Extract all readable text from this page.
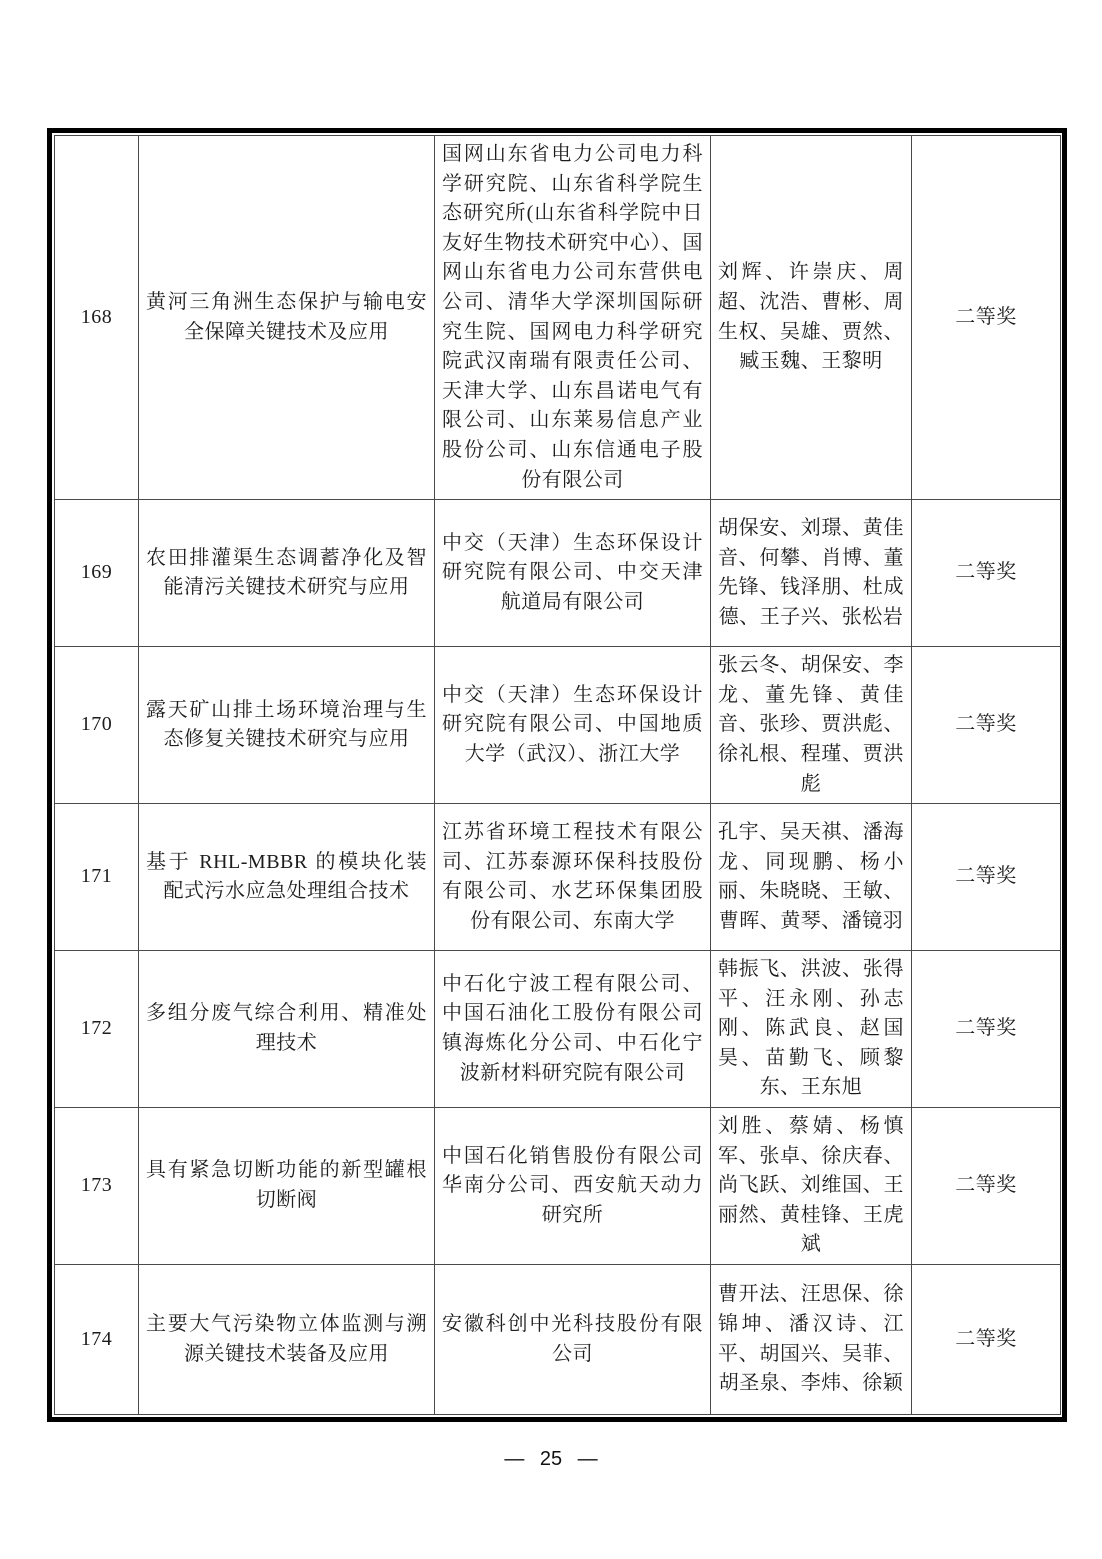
168	黄河三角洲生态保护与输电安全保障关键技术及应用	国网山东省电力公司电力科学研究院、山东省科学院生态研究所(山东省科学院中日友好生物技术研究中心）、国网山东省电力公司东营供电公司、清华大学深圳国际研究生院、国网电力科学研究院武汉南瑞有限责任公司、天津大学、山东昌诺电气有限公司、山东莱易信息产业股份公司、山东信通电子股份有限公司	刘辉、许崇庆、周超、沈浩、曹彬、周生权、吴雄、贾然、臧玉魏、王黎明	二等奖
169	农田排灌渠生态调蓄净化及智能清污关键技术研究与应用	中交（天津）生态环保设计研究院有限公司、中交天津航道局有限公司	胡保安、刘璟、黄佳音、何攀、肖博、董先锋、钱泽朋、杜成德、王子兴、张松岩	二等奖
170	露天矿山排土场环境治理与生态修复关键技术研究与应用	中交（天津）生态环保设计研究院有限公司、中国地质大学（武汉）、浙江大学	张云冬、胡保安、李龙、董先锋、黄佳音、张珍、贾洪彪、徐礼根、程瑾、贾洪彪	二等奖
171	基于 RHL-MBBR 的模块化装配式污水应急处理组合技术	江苏省环境工程技术有限公司、江苏泰源环保科技股份有限公司、水艺环保集团股份有限公司、东南大学	孔宇、吴天祺、潘海龙、同现鹏、杨小丽、朱晓晓、王敏、曹晖、黄琴、潘镜羽	二等奖
172	多组分废气综合利用、精准处理技术	中石化宁波工程有限公司、中国石油化工股份有限公司镇海炼化分公司、中石化宁波新材料研究院有限公司	韩振飞、洪波、张得平、汪永刚、孙志刚、陈武良、赵国昊、苗勤飞、顾黎东、王东旭	二等奖
173	具有紧急切断功能的新型罐根切断阀	中国石化销售股份有限公司华南分公司、西安航天动力研究所	刘胜、蔡婧、杨慎军、张卓、徐庆春、尚飞跃、刘维国、王丽然、黄桂锋、王虎斌	二等奖
174	主要大气污染物立体监测与溯源关键技术装备及应用	安徽科创中光科技股份有限公司	曹开法、汪思保、徐锦坤、潘汉诗、江平、胡国兴、吴菲、胡圣泉、李炜、徐颖	二等奖
— 25 —
